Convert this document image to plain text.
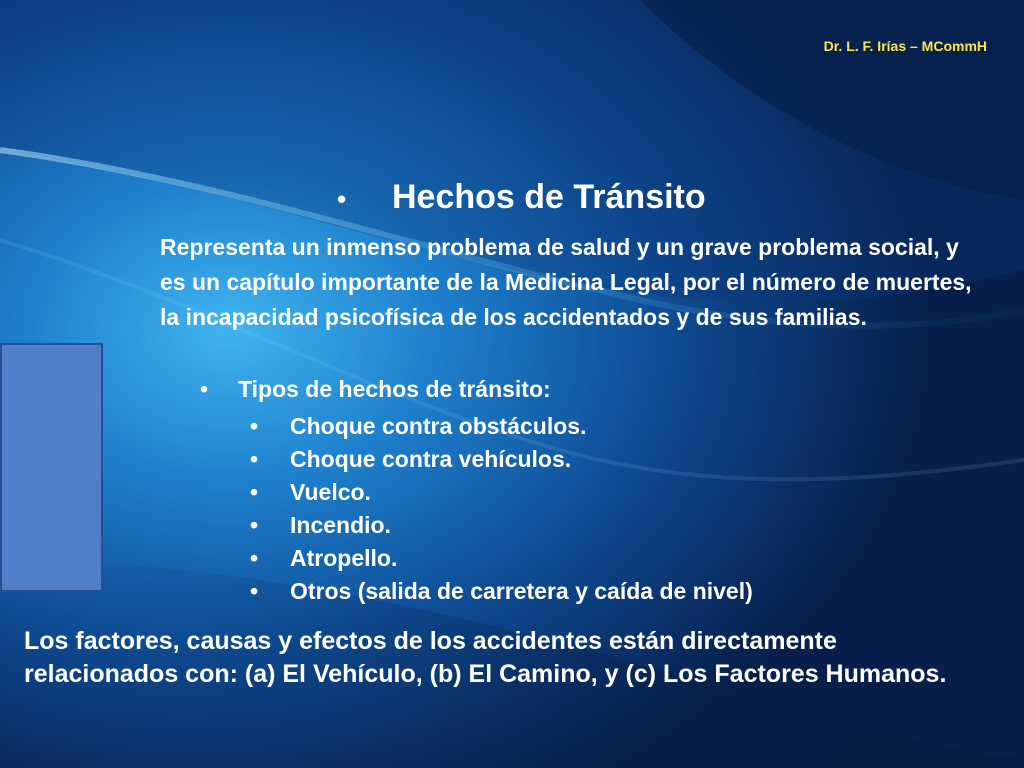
Dr. L. F. Irías – MCommH
•	Hechos de Tránsito
Representa un inmenso problema de salud y un grave problema social, y es un capítulo importante de la Medicina Legal, por el número de muertes, la incapacidad psicofísica de los accidentados y de sus familias.
•	Tipos de hechos de tránsito:
•	Choque contra obstáculos.
•	Choque contra vehículos.
•	Vuelco.
•	Incendio.
•	Atropello.
•	Otros (salida de carretera y caída de nivel)
Los factores, causas y efectos de los accidentes están directamente relacionados con: (a) El Vehículo, (b) El Camino, y (c) Los Factores Humanos.
